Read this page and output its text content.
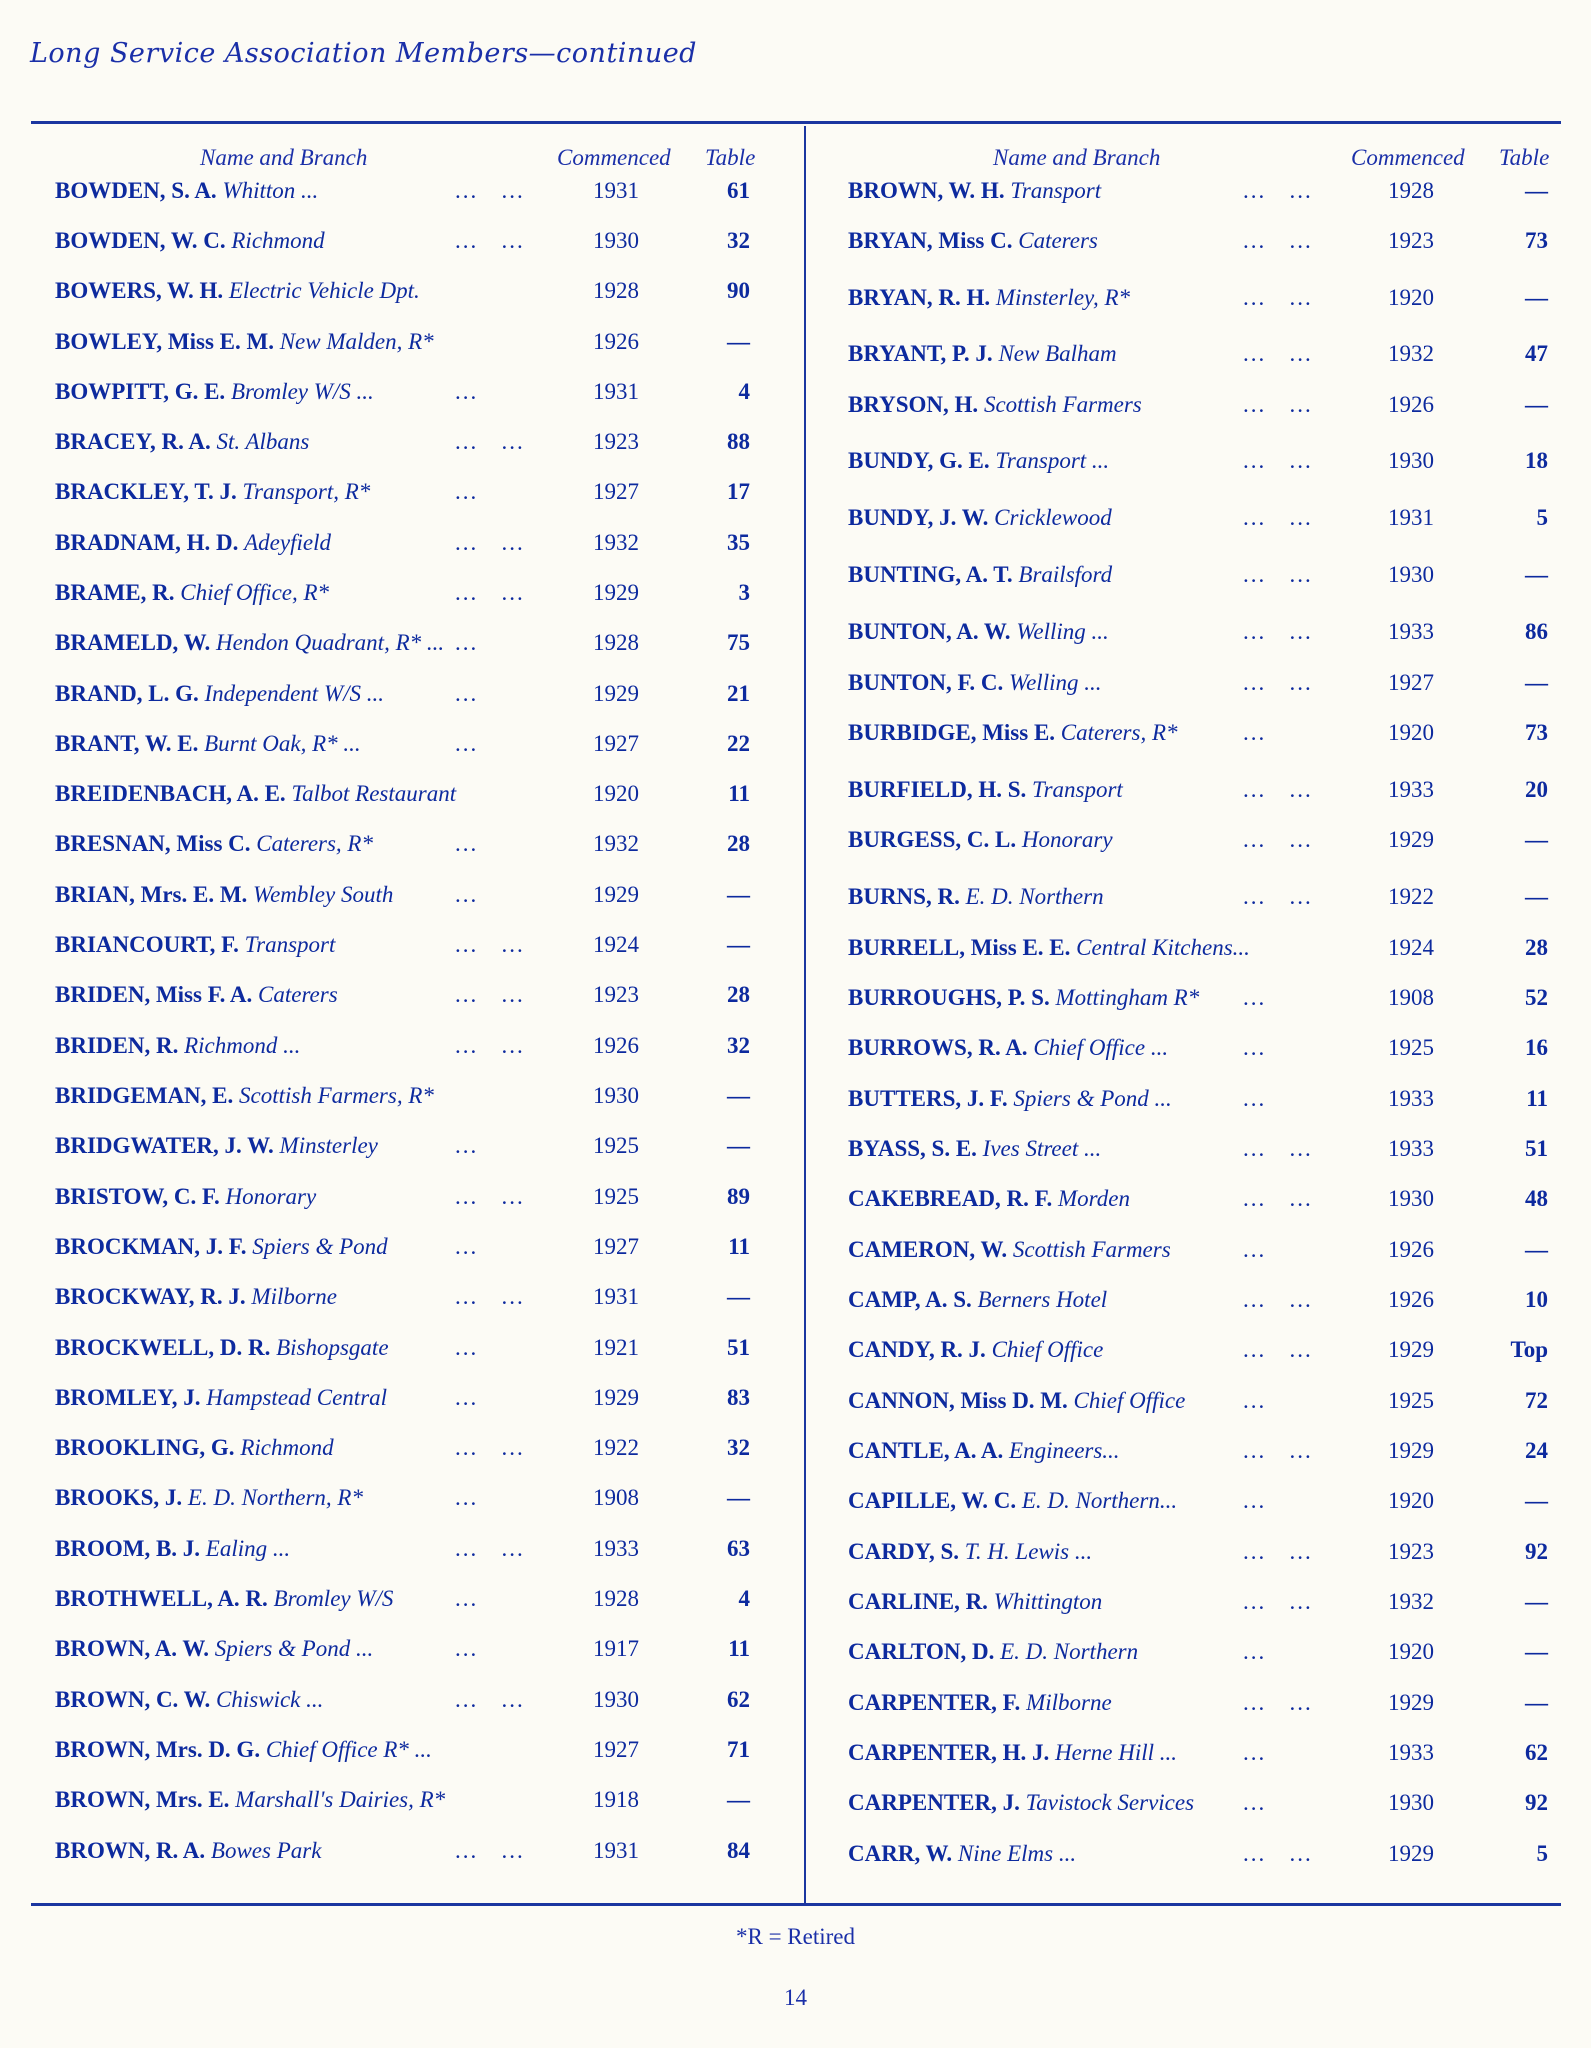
Long Service Association Members—continued
Name and Branch	Commenced Table
BOWDEN, S. A. Whitton ...	...   ...	1931	61
BOWDEN, W. C. Richmond	...   ...	1930	32
BOWERS, W. H. Electric Vehicle Dpt.	1928	90
BOWLEY, Miss E. M. New Malden, R*	1926	—
BOWPITT, G. E. Bromley W/S ...	...	1931	4
BRACEY, R. A. St. Albans	...   ...	1923	88
BRACKLEY, T. J. Transport, R*	...	1927	17
BRADNAM, H. D. Adeyfield	...   ...	1932	35
BRAME, R. Chief Office, R*	...   ...	1929	3
BRAMELD, W. Hendon Quadrant, R* ... ...	1928	75
BRAND, L. G. Independent W/S ...	...	1929	21
BRANT, W. E. Burnt Oak, R* ...	...	1927	22
BREIDENBACH, A. E. Talbot Restaurant	1920	11
BRESNAN, Miss C. Caterers, R*	...	1932	28
BRIAN, Mrs. E. M. Wembley South	...	1929	—
BRIANCOURT, F. Transport	...   ...	1924	—
BRIDEN, Miss F. A. Caterers	...   ...	1923	28
BRIDEN, R. Richmond ...	...   ...	1926	32
BRIDGEMAN, E. Scottish Farmers, R*	1930	—
BRIDGWATER, J. W. Minsterley	...	1925	—
BRISTOW, C. F. Honorary	...   ...	1925	89
BROCKMAN, J. F. Spiers & Pond	...	1927	11
BROCKWAY, R. J. Milborne	...   ...	1931	—
BROCKWELL, D. R. Bishopsgate	...	1921	51
BROMLEY, J. Hampstead Central	...	1929	83
BROOKLING, G. Richmond	...   ...	1922	32
BROOKS, J. E. D. Northern, R*	...	1908	—
BROOM, B. J. Ealing ...	...   ...	1933	63
BROTHWELL, A. R. Bromley W/S	...	1928	4
BROWN, A. W. Spiers & Pond ...	...	1917	11
BROWN, C. W. Chiswick ...	...   ...	1930	62
BROWN, Mrs. D. G. Chief Office R* ...	1927	71
BROWN, Mrs. E. Marshall's Dairies, R*	1918	—
BROWN, R. A. Bowes Park	...   ...	1931	84
Name and Branch	Commenced Table
BROWN, W. H. Transport	...   ...	1928	—
BRYAN, Miss C. Caterers	...   ...	1923	73
BRYAN, R. H. Minsterley, R*	...   ...	1920	—
BRYANT, P. J. New Balham	...   ...	1932	47
BRYSON, H. Scottish Farmers	...   ...	1926	—
BUNDY, G. E. Transport ...	...   ...	1930	18
BUNDY, J. W. Cricklewood	...   ...	1931	5
BUNTING, A. T. Brailsford	...   ...	1930	—
BUNTON, A. W. Welling ...	...   ...	1933	86
BUNTON, F. C. Welling ...	...   ...	1927	—
BURBIDGE, Miss E. Caterers, R*	...	1920	73
BURFIELD, H. S. Transport	...   ...	1933	20
BURGESS, C. L. Honorary	...   ...	1929	—
BURNS, R. E. D. Northern	...   ...	1922	—
BURRELL, Miss E. E. Central Kitchens...	1924	28
BURROUGHS, P. S. Mottingham R* ...	1908	52
BURROWS, R. A. Chief Office ...	...	1925	16
BUTTERS, J. F. Spiers & Pond ...	...	1933	11
BYASS, S. E. Ives Street ...	...   ...	1933	51
CAKEBREAD, R. F. Morden	...   ...	1930	48
CAMERON, W. Scottish Farmers	...	1926	—
CAMP, A. S. Berners Hotel	...   ...	1926	10
CANDY, R. J. Chief Office	...   ...	1929	Top
CANNON, Miss D. M. Chief Office	...	1925	72
CANTLE, A. A. Engineers...	...   ...	1929	24
CAPILLE, W. C. E. D. Northern...	...	1920	—
CARDY, S. T. H. Lewis ...	...   ...	1923	92
CARLINE, R. Whittington	...   ...	1932	—
CARLTON, D. E. D. Northern	...	1920	—
CARPENTER, F. Milborne	...   ...	1929	—
CARPENTER, H. J. Herne Hill ...	...	1933	62
CARPENTER, J. Tavistock Services ...	1930	92
CARR, W. Nine Elms ...	...   ...	1929	5
*R = Retired
14
